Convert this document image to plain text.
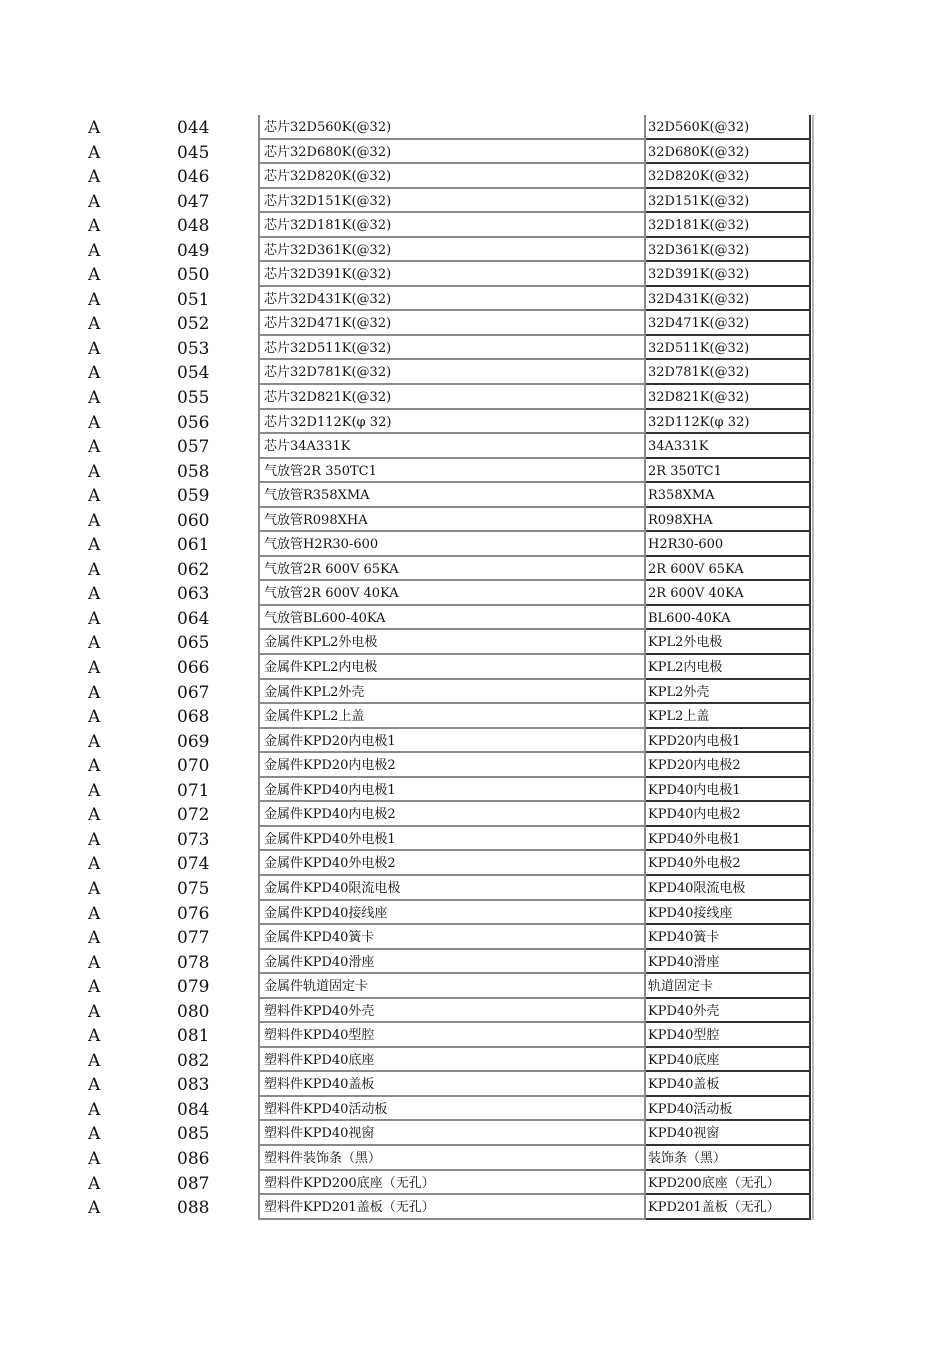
A	044	芯片32D560K(@32)	32D560K(@32)
A	045	芯片32D680K(@32)	32D680K(@32)
A	046	芯片32D820K(@32)	32D820K(@32)
A	047	芯片32D151K(@32)	32D151K(@32)
A	048	芯片32D181K(@32)	32D181K(@32)
A	049	芯片32D361K(@32)	32D361K(@32)
A	050	芯片32D391K(@32)	32D391K(@32)
A	051	芯片32D431K(@32)	32D431K(@32)
A	052	芯片32D471K(@32)	32D471K(@32)
A	053	芯片32D511K(@32)	32D511K(@32)
A	054	芯片32D781K(@32)	32D781K(@32)
A	055	芯片32D821K(@32)	32D821K(@32)
A	056	芯片32D112K(φ 32)	32D112K(φ 32)
A	057	芯片34A331K	34A331K
A	058	气放管2R 350TC1	2R 350TC1
A	059	气放管R358XMA	R358XMA
A	060	气放管R098XHA	R098XHA
A	061	气放管H2R30-600	H2R30-600
A	062	气放管2R 600V 65KA	2R 600V 65KA
A	063	气放管2R 600V 40KA	2R 600V 40KA
A	064	气放管BL600-40KA	BL600-40KA
A	065	金属件KPL2外电极	KPL2外电极
A	066	金属件KPL2内电极	KPL2内电极
A	067	金属件KPL2外壳	KPL2外壳
A	068	金属件KPL2上盖	KPL2上盖
A	069	金属件KPD20内电极1	KPD20内电极1
A	070	金属件KPD20内电极2	KPD20内电极2
A	071	金属件KPD40内电极1	KPD40内电极1
A	072	金属件KPD40内电极2	KPD40内电极2
A	073	金属件KPD40外电极1	KPD40外电极1
A	074	金属件KPD40外电极2	KPD40外电极2
A	075	金属件KPD40限流电极	KPD40限流电极
A	076	金属件KPD40接线座	KPD40接线座
A	077	金属件KPD40簧卡	KPD40簧卡
A	078	金属件KPD40滑座	KPD40滑座
A	079	金属件轨道固定卡	轨道固定卡
A	080	塑料件KPD40外壳	KPD40外壳
A	081	塑料件KPD40型腔	KPD40型腔
A	082	塑料件KPD40底座	KPD40底座
A	083	塑料件KPD40盖板	KPD40盖板
A	084	塑料件KPD40活动板	KPD40活动板
A	085	塑料件KPD40视窗	KPD40视窗
A	086	塑料件装饰条（黑）	装饰条（黑）
A	087	塑料件KPD200底座（无孔）	KPD200底座（无孔）
A	088	塑料件KPD201盖板（无孔）	KPD201盖板（无孔）
